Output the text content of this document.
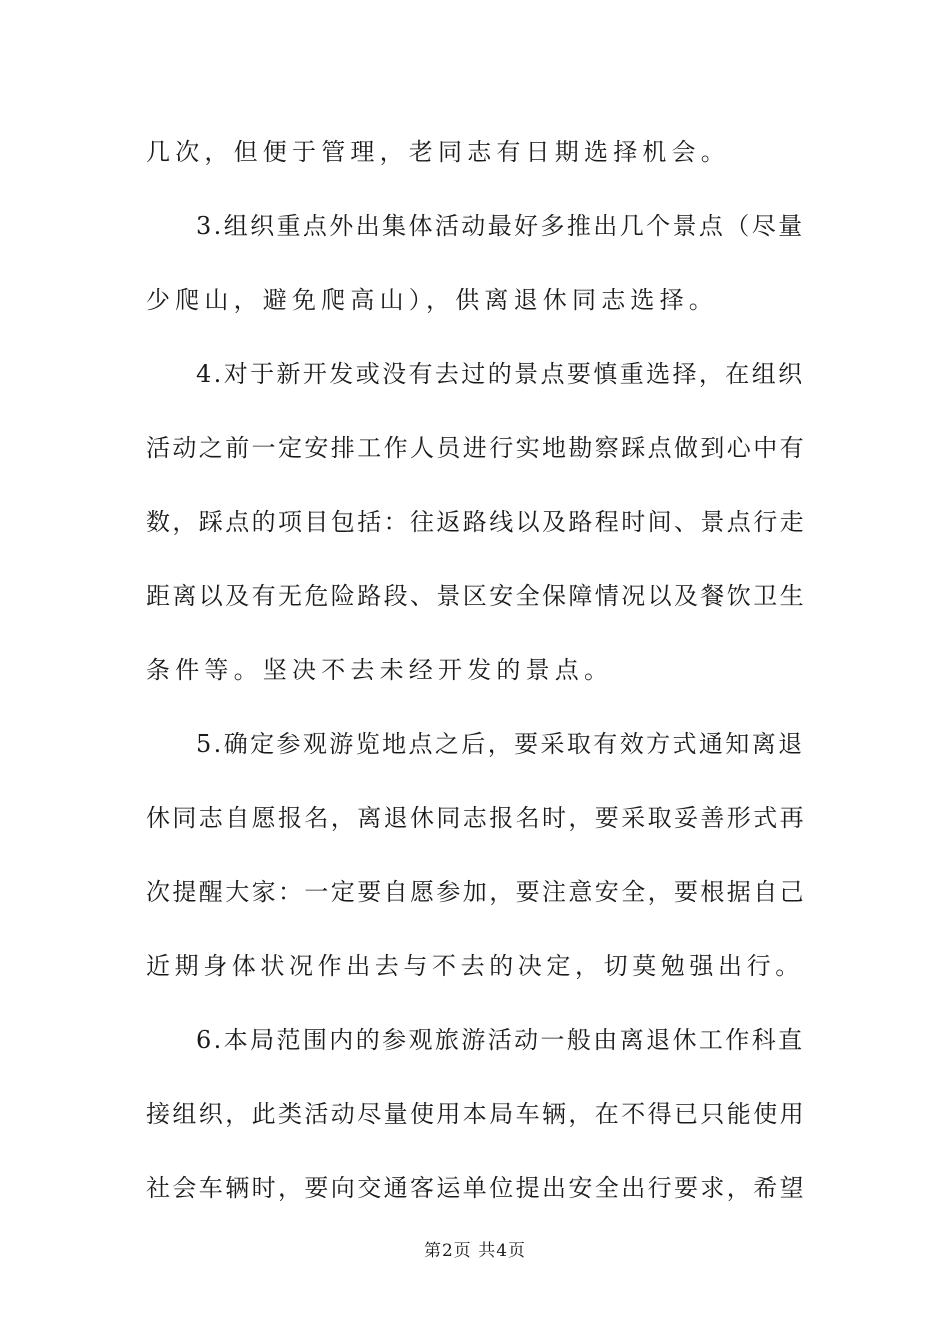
几次，但便于管理，老同志有日期选择机会。
3.组织重点外出集体活动最好多推出几个景点（尽量
少爬山，避免爬高山），供离退休同志选择。
4.对于新开发或没有去过的景点要慎重选择，在组织
活动之前一定安排工作人员进行实地勘察踩点做到心中有
数，踩点的项目包括：往返路线以及路程时间、景点行走
距离以及有无危险路段、景区安全保障情况以及餐饮卫生
条件等。坚决不去未经开发的景点。
5.确定参观游览地点之后，要采取有效方式通知离退
休同志自愿报名，离退休同志报名时，要采取妥善形式再
次提醒大家：一定要自愿参加，要注意安全，要根据自己
近期身体状况作出去与不去的决定，切莫勉强出行。
6.本局范围内的参观旅游活动一般由离退休工作科直
接组织，此类活动尽量使用本局车辆，在不得已只能使用
社会车辆时，要向交通客运单位提出安全出行要求，希望
第2页 共4页
